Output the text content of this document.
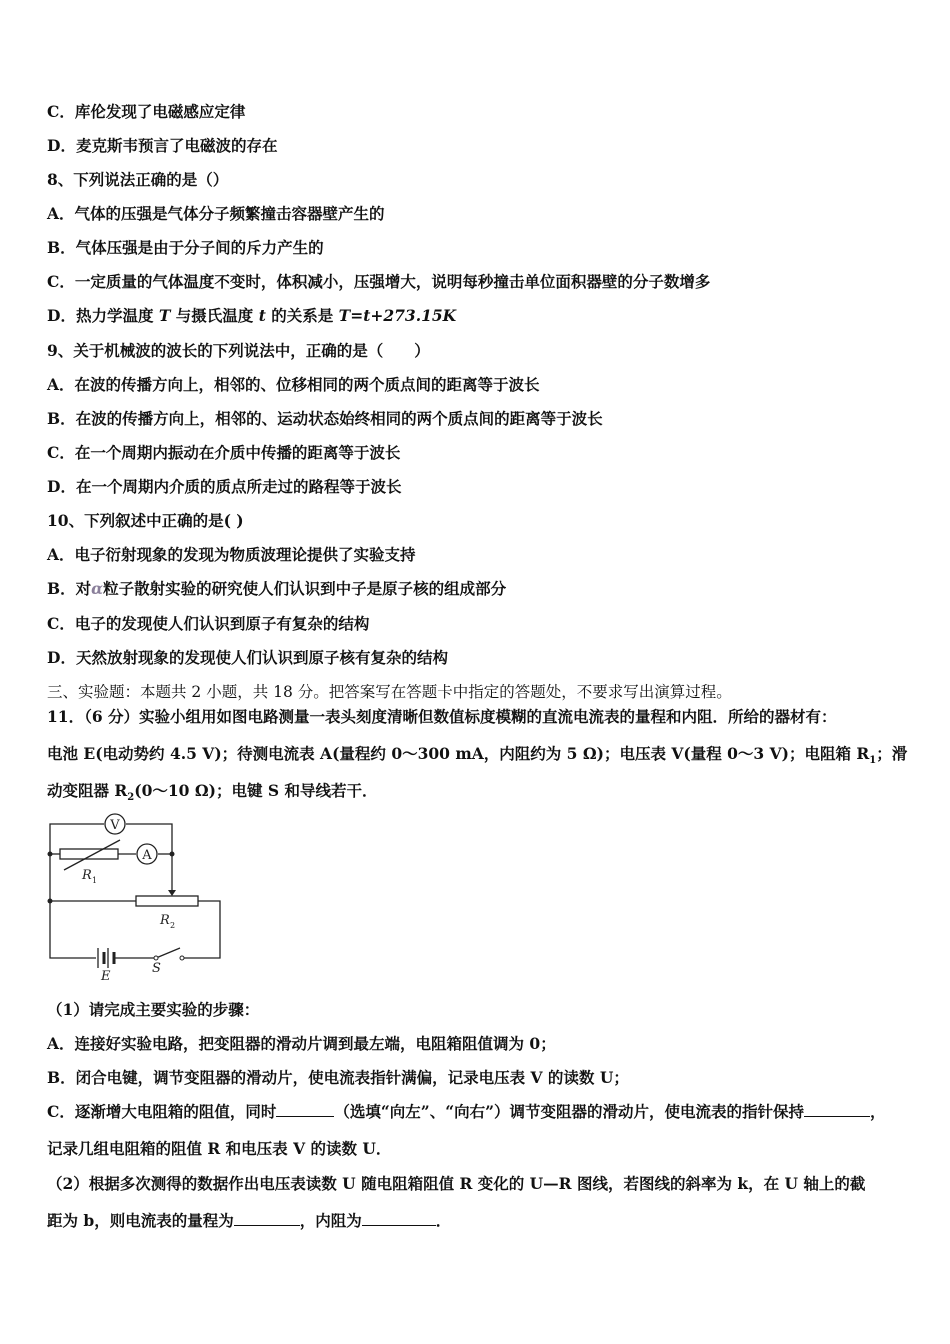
C．库伦发现了电磁感应定律
D．麦克斯韦预言了电磁波的存在
8、下列说法正确的是（）
A．气体的压强是气体分子频繁撞击容器壁产生的
B．气体压强是由于分子间的斥力产生的
C．一定质量的气体温度不变时，体积减小，压强增大，说明每秒撞击单位面积器壁的分子数增多
D．热力学温度 T 与摄氏温度 t 的关系是 T=t+273.15K
9、关于机械波的波长的下列说法中，正确的是（　　）
A．在波的传播方向上，相邻的、位移相同的两个质点间的距离等于波长
B．在波的传播方向上，相邻的、运动状态始终相同的两个质点间的距离等于波长
C．在一个周期内振动在介质中传播的距离等于波长
D．在一个周期内介质的质点所走过的路程等于波长
10、下列叙述中正确的是( )
A．电子衍射现象的发现为物质波理论提供了实验支持
B．对α粒子散射实验的研究使人们认识到中子是原子核的组成部分
C．电子的发现使人们认识到原子有复杂的结构
D．天然放射现象的发现使人们认识到原子核有复杂的结构
三、实验题：本题共 2 小题，共 18 分。把答案写在答题卡中指定的答题处，不要求写出演算过程。
11．（6 分）实验小组用如图电路测量一表头刻度清晰但数值标度模糊的直流电流表的量程和内阻．所给的器材有：
电池 E(电动势约 4.5 V)；待测电流表 A(量程约 0～300 mA，内阻约为 5 Ω)；电压表 V(量程 0～3 V)；电阻箱 $R_1$；滑
动变阻器 $R_2(0\sim 10$ Ω)；电键 S 和导线若干．
V
A
R 1
R 2
E
S
（1）请完成主要实验的步骤：
A．连接好实验电路，把变阻器的滑动片调到最左端，电阻箱阻值调为 0；
B．闭合电键，调节变阻器的滑动片，使电流表指针满偏，记录电压表 V 的读数 U；
C．逐渐增大电阻箱的阻值，同时	（选填“向左”、“向右”）调节变阻器的滑动片，使电流表的指针保持	，
记录几组电阻箱的阻值 R 和电压表 V 的读数 U．
（2）根据多次测得的数据作出电压表读数 U 随电阻箱阻值 R 变化的 U—R 图线，若图线的斜率为 k，在 U 轴上的截
距为 b，则电流表的量程为	，内阻为	．
